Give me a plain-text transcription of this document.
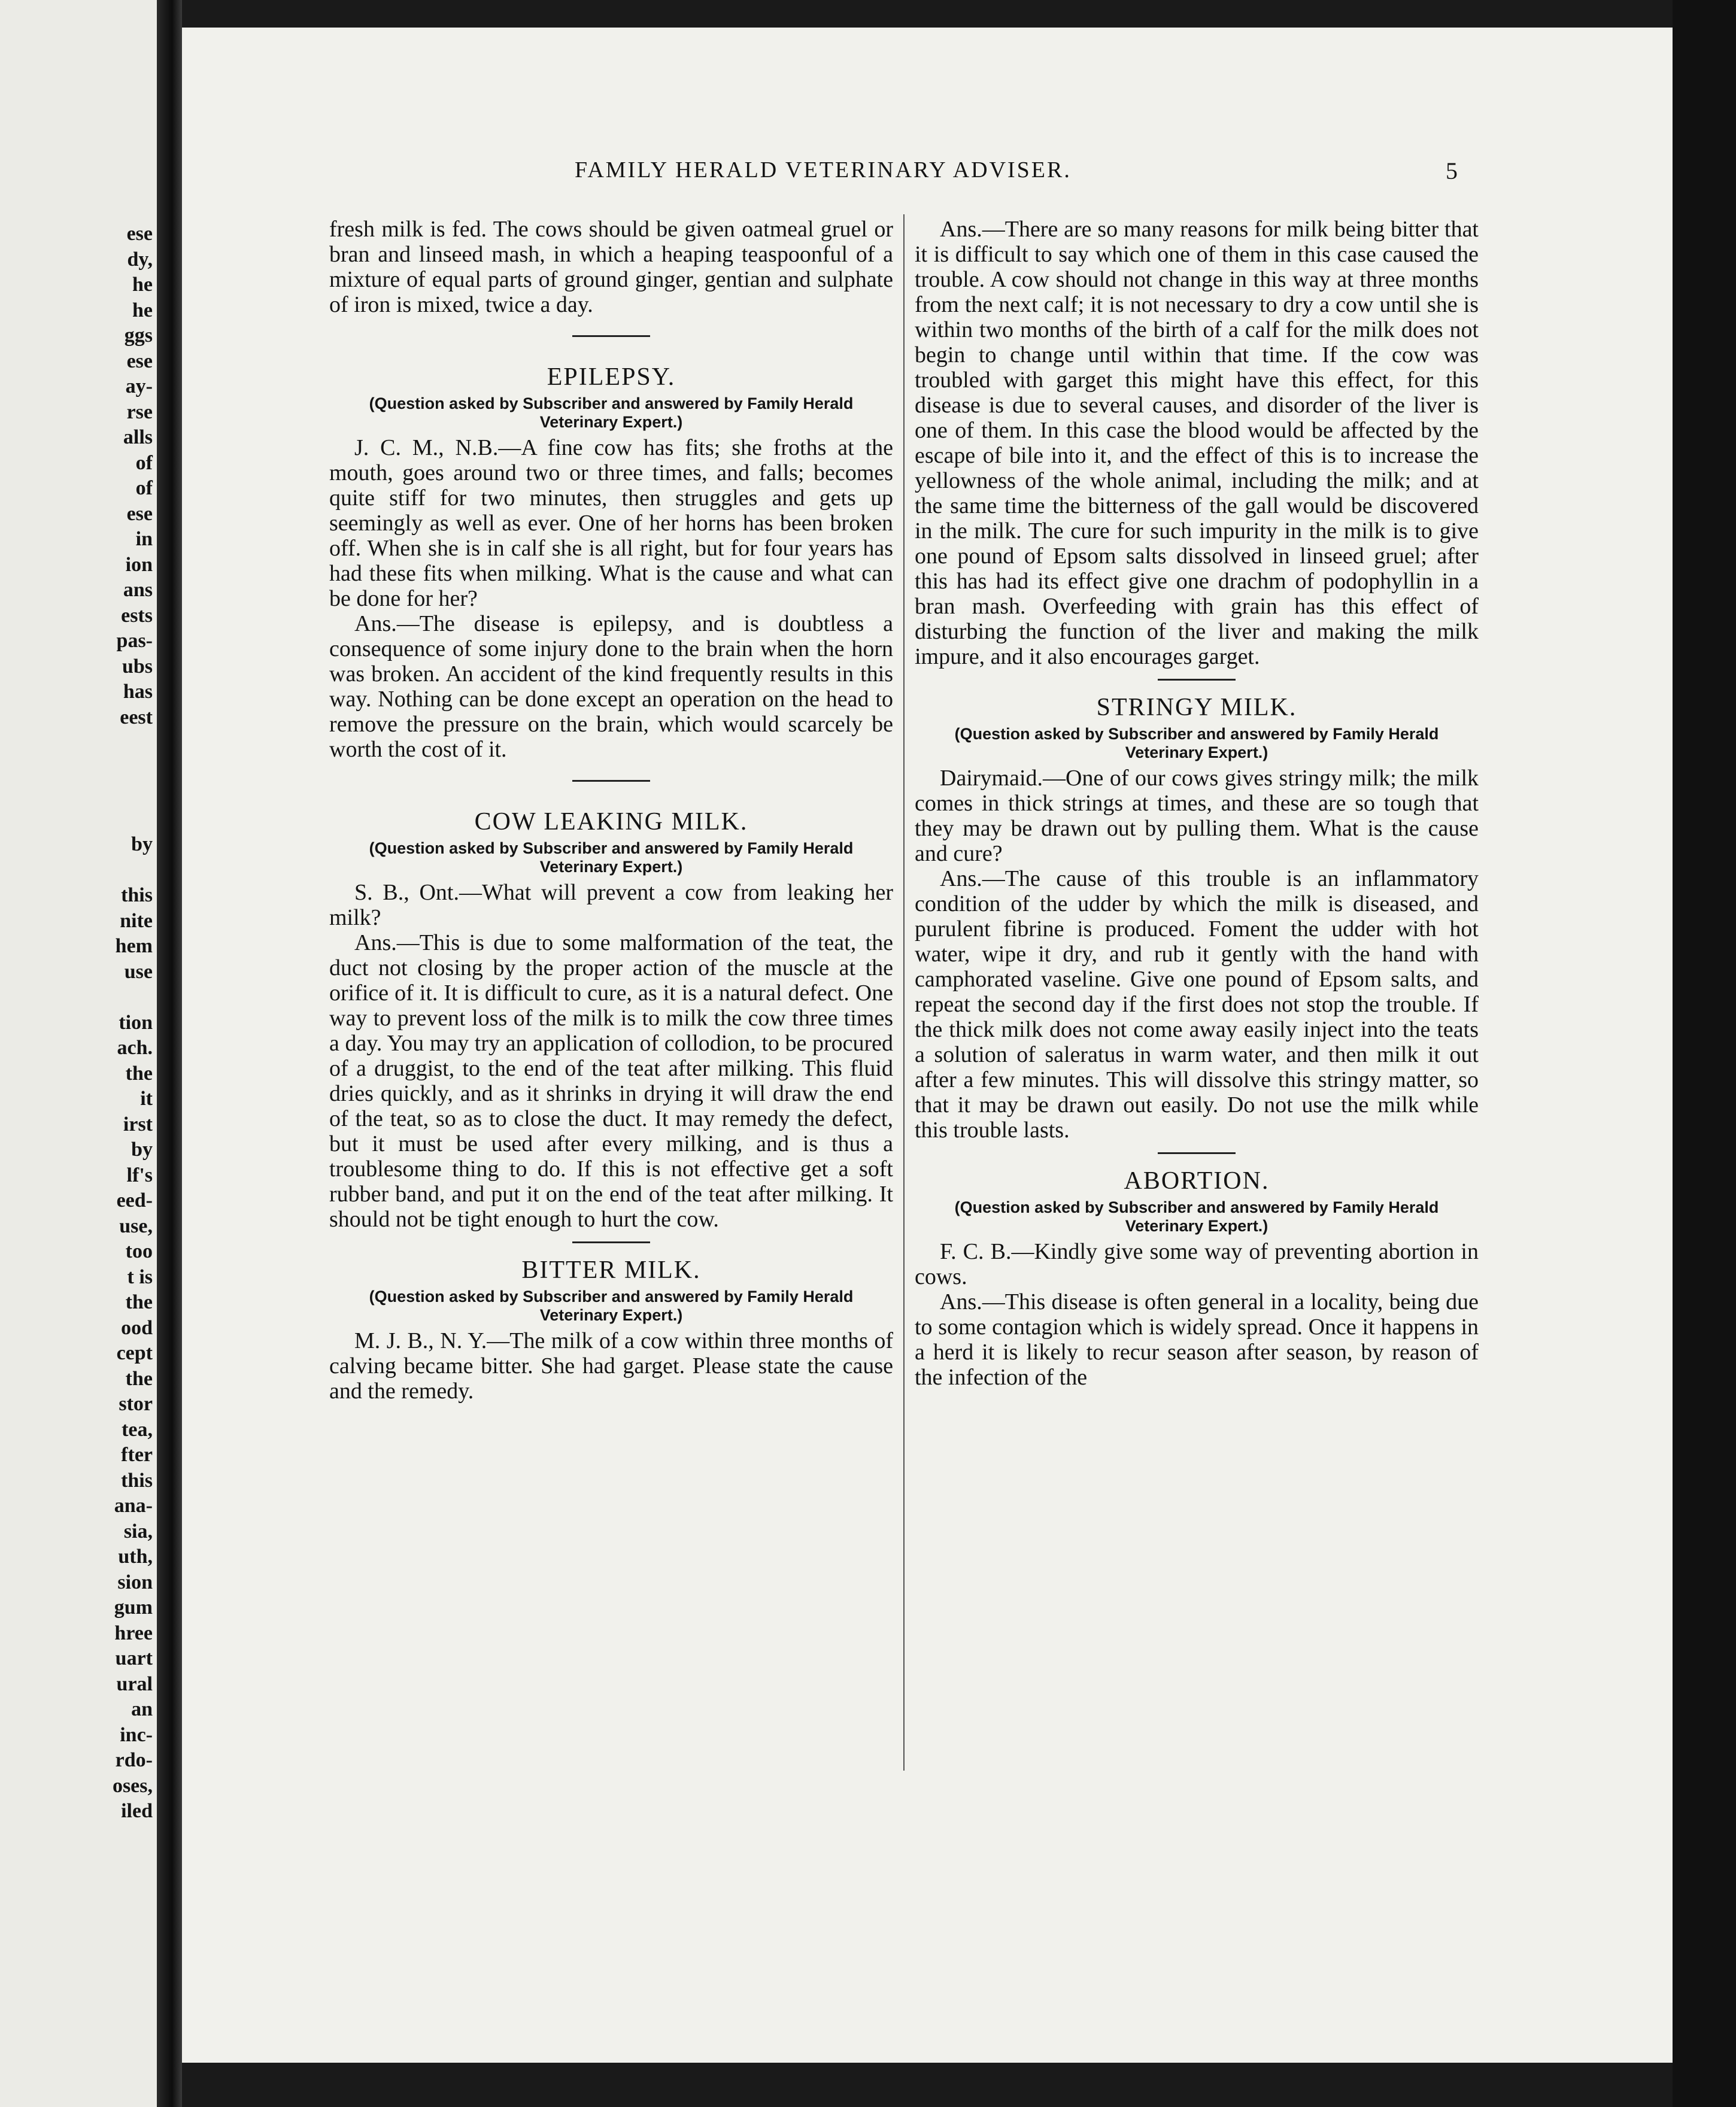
ese
dy,
he
he
ggs
ese
ay-
rse
alls
of
of
ese
in
ion
ans
ests
pas-
ubs
has
eest
by
this
nite
hem
use
tion
ach.
the
it
irst
by
lf's
eed-
use,
too
t is
the
ood
cept
the
stor
tea,
fter
this
ana-
sia,
uth,
sion
gum
hree
uart
ural
an
inc-
rdo-
oses,
iled
FAMILY HERALD VETERINARY ADVISER.	5

fresh milk is fed. The cows should be given oatmeal gruel or bran and linseed mash, in which a heaping teaspoonful of a mixture of equal parts of ground ginger, gentian and sulphate of iron is mixed, twice a day.

EPILEPSY.
(Question asked by Subscriber and answered by Family Herald Veterinary Expert.)

J. C. M., N.B.—A fine cow has fits; she froths at the mouth, goes around two or three times, and falls; becomes quite stiff for two minutes, then struggles and gets up seemingly as well as ever. One of her horns has been broken off. When she is in calf she is all right, but for four years has had these fits when milking. What is the cause and what can be done for her?

Ans.—The disease is epilepsy, and is doubtless a consequence of some injury done to the brain when the horn was broken. An accident of the kind frequently results in this way. Nothing can be done except an operation on the head to remove the pressure on the brain, which would scarcely be worth the cost of it.

COW LEAKING MILK.
(Question asked by Subscriber and answered by Family Herald Veterinary Expert.)

S. B., Ont.—What will prevent a cow from leaking her milk?

Ans.—This is due to some malformation of the teat, the duct not closing by the proper action of the muscle at the orifice of it. It is difficult to cure, as it is a natural defect. One way to prevent loss of the milk is to milk the cow three times a day. You may try an application of collodion, to be procured of a druggist, to the end of the teat after milking. This fluid dries quickly, and as it shrinks in drying it will draw the end of the teat, so as to close the duct. It may remedy the defect, but it must be used after every milking, and is thus a troublesome thing to do. If this is not effective get a soft rubber band, and put it on the end of the teat after milking. It should not be tight enough to hurt the cow.

BITTER MILK.
(Question asked by Subscriber and answered by Family Herald Veterinary Expert.)

M. J. B., N. Y.—The milk of a cow within three months of calving became bitter. She had garget. Please state the cause and the remedy.

Ans.—There are so many reasons for milk being bitter that it is difficult to say which one of them in this case caused the trouble. A cow should not change in this way at three months from the next calf; it is not necessary to dry a cow until she is within two months of the birth of a calf for the milk does not begin to change until within that time. If the cow was troubled with garget this might have this effect, for this disease is due to several causes, and disorder of the liver is one of them. In this case the blood would be affected by the escape of bile into it, and the effect of this is to increase the yellowness of the whole animal, including the milk; and at the same time the bitterness of the gall would be discovered in the milk. The cure for such impurity in the milk is to give one pound of Epsom salts dissolved in linseed gruel; after this has had its effect give one drachm of podophyllin in a bran mash. Overfeeding with grain has this effect of disturbing the function of the liver and making the milk impure, and it also encourages garget.

STRINGY MILK.
(Question asked by Subscriber and answered by Family Herald Veterinary Expert.)

Dairymaid.—One of our cows gives stringy milk; the milk comes in thick strings at times, and these are so tough that they may be drawn out by pulling them. What is the cause and cure?

Ans.—The cause of this trouble is an inflammatory condition of the udder by which the milk is diseased, and purulent fibrine is produced. Foment the udder with hot water, wipe it dry, and rub it gently with the hand with camphorated vaseline. Give one pound of Epsom salts, and repeat the second day if the first does not stop the trouble. If the thick milk does not come away easily inject into the teats a solution of saleratus in warm water, and then milk it out after a few minutes. This will dissolve this stringy matter, so that it may be drawn out easily. Do not use the milk while this trouble lasts.

ABORTION.
(Question asked by Subscriber and answered by Family Herald Veterinary Expert.)

F. C. B.—Kindly give some way of preventing abortion in cows.

Ans.—This disease is often general in a locality, being due to some contagion which is widely spread. Once it happens in a herd it is likely to recur season after season, by reason of the infection of the
